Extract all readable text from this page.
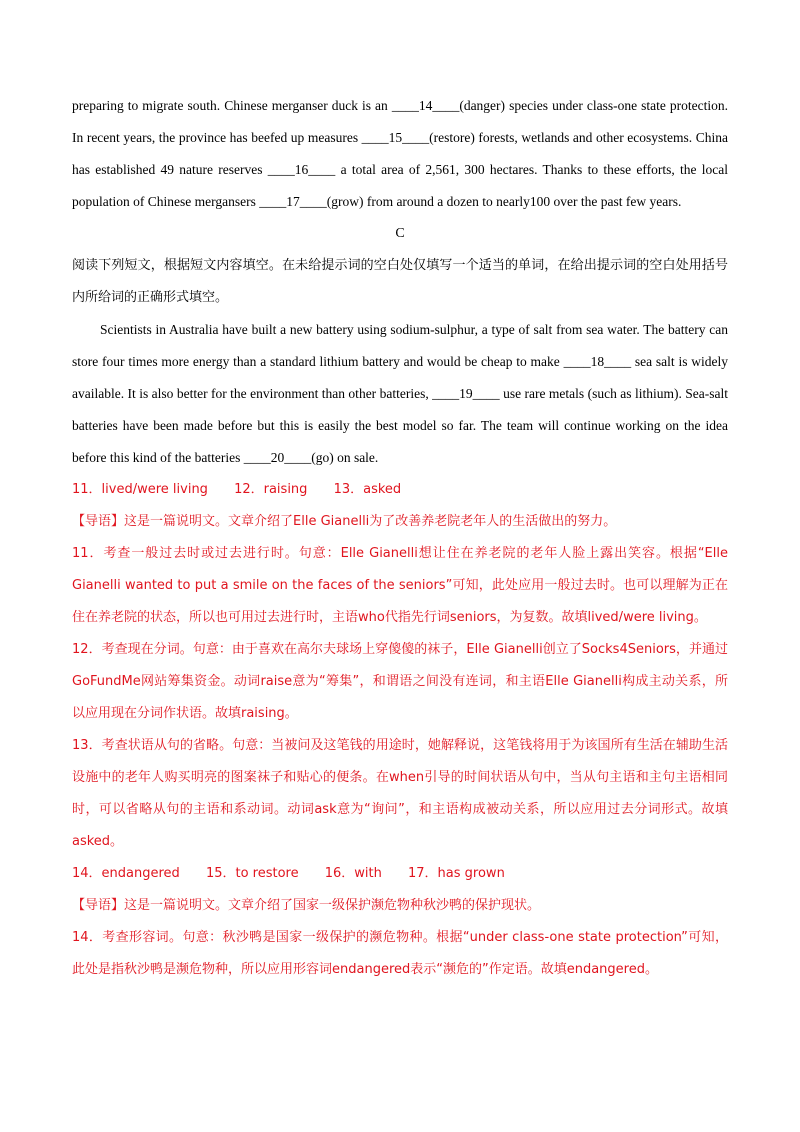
preparing to migrate south. Chinese merganser duck is an ____14____(danger) species under class-one state protection. In recent years, the province has beefed up measures ____15____(restore) forests, wetlands and other ecosystems. China has established 49 nature reserves ____16____ a total area of 2,561, 300 hectares. Thanks to these efforts, the local population of Chinese mergansers ____17____(grow) from around a dozen to nearly100 over the past few years.

C

阅读下列短文，根据短文内容填空。在未给提示词的空白处仅填写一个适当的单词，在给出提示词的空白处用括号内所给词的正确形式填空。

Scientists in Australia have built a new battery using sodium-sulphur, a type of salt from sea water. The battery can store four times more energy than a standard lithium battery and would be cheap to make ____18____ sea salt is widely available. It is also better for the environment than other batteries, ____19____ use rare metals (such as lithium). Sea-salt batteries have been made before but this is easily the best model so far. The team will continue working on the idea before this kind of the batteries ____20____(go) on sale.

11．lived/were living 12．raising 13．asked

【导语】这是一篇说明文。文章介绍了Elle Gianelli为了改善养老院老年人的生活做出的努力。

11．考查一般过去时或过去进行时。句意：Elle Gianelli想让住在养老院的老年人脸上露出笑容。根据“Elle Gianelli wanted to put a smile on the faces of the seniors”可知，此处应用一般过去时。也可以理解为正在住在养老院的状态，所以也可用过去进行时，主语who代指先行词seniors，为复数。故填lived/were living。

12．考查现在分词。句意：由于喜欢在高尔夫球场上穿傻傻的袜子，Elle Gianelli创立了Socks4Seniors，并通过GoFundMe网站筹集资金。动词raise意为“筹集”，和谓语之间没有连词，和主语Elle Gianelli构成主动关系，所以应用现在分词作状语。故填raising。

13．考查状语从句的省略。句意：当被问及这笔钱的用途时，她解释说，这笔钱将用于为该国所有生活在辅助生活设施中的老年人购买明亮的图案袜子和贴心的便条。在when引导的时间状语从句中，当从句主语和主句主语相同时，可以省略从句的主语和系动词。动词ask意为“询问”，和主语构成被动关系，所以应用过去分词形式。故填asked。

14．endangered 15．to restore 16．with 17．has grown

【导语】这是一篇说明文。文章介绍了国家一级保护濒危物种秋沙鸭的保护现状。

14．考查形容词。句意：秋沙鸭是国家一级保护的濒危物种。根据“under class-one state protection”可知，此处是指秋沙鸭是濒危物种，所以应用形容词endangered表示“濒危的”作定语。故填endangered。
